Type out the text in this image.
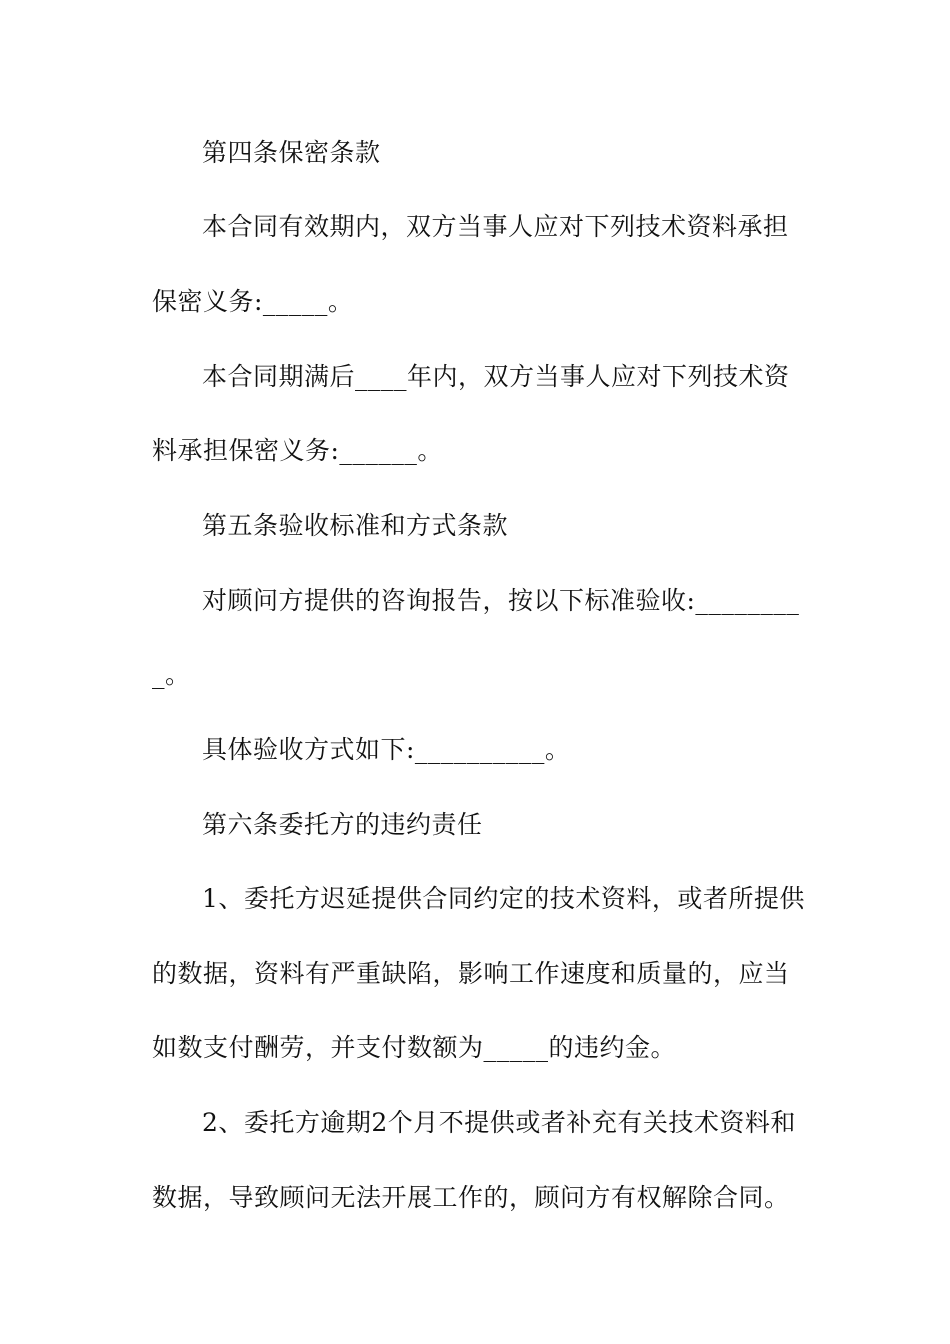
第四条保密条款
本合同有效期内，双方当事人应对下列技术资料承担
保密义务:_____。
本合同期满后____年内，双方当事人应对下列技术资
料承担保密义务:______。
第五条验收标准和方式条款
对顾问方提供的咨询报告，按以下标准验收:________
_。
具体验收方式如下:__________。
第六条委托方的违约责任
1、委托方迟延提供合同约定的技术资料，或者所提供
的数据，资料有严重缺陷，影响工作速度和质量的，应当
如数支付酬劳，并支付数额为_____的违约金。
2、委托方逾期2个月不提供或者补充有关技术资料和
数据，导致顾问无法开展工作的，顾问方有权解除合同。
